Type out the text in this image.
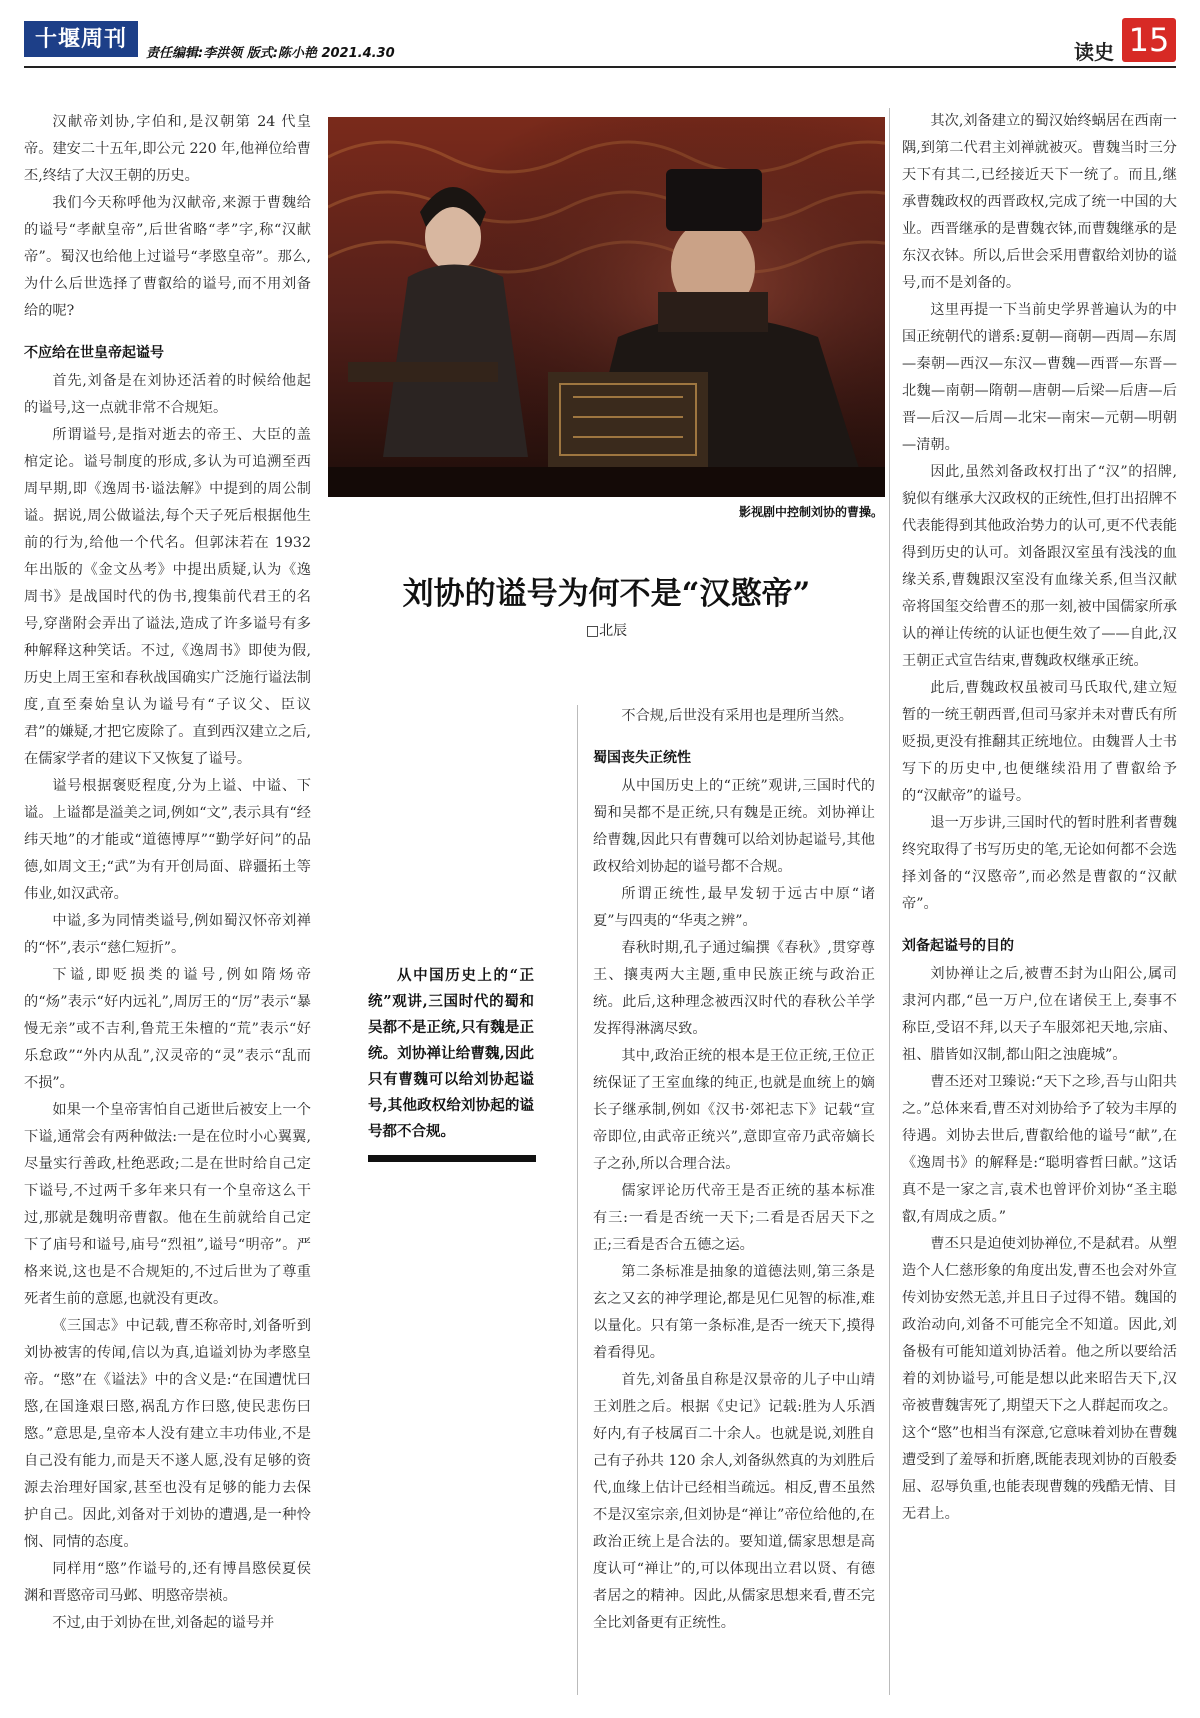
十堰周刊
责任编辑:李洪领 版式:陈小艳 2021.4.30	读史 15

汉献帝刘协,字伯和,是汉朝第 24 代皇帝。建安二十五年,即公元 220 年,他禅位给曹丕,终结了大汉王朝的历史。

我们今天称呼他为汉献帝,来源于曹魏给的谥号“孝献皇帝”,后世省略“孝”字,称“汉献帝”。蜀汉也给他上过谥号“孝愍皇帝”。那么,为什么后世选择了曹叡给的谥号,而不用刘备给的呢?

不应给在世皇帝起谥号

首先,刘备是在刘协还活着的时候给他起的谥号,这一点就非常不合规矩。

所谓谥号,是指对逝去的帝王、大臣的盖棺定论。谥号制度的形成,多认为可追溯至西周早期,即《逸周书·谥法解》中提到的周公制谥。据说,周公做谥法,每个天子死后根据他生前的行为,给他一个代名。但郭沫若在 1932 年出版的《金文丛考》中提出质疑,认为《逸周书》是战国时代的伪书,搜集前代君王的名号,穿凿附会弄出了谥法,造成了许多谥号有多种解释这种笑话。不过,《逸周书》即使为假,历史上周王室和春秋战国确实广泛施行谥法制度,直至秦始皇认为谥号有“子议父、臣议君”的嫌疑,才把它废除了。直到西汉建立之后,在儒家学者的建议下又恢复了谥号。

谥号根据褒贬程度,分为上谥、中谥、下谥。上谥都是溢美之词,例如“文”,表示具有“经纬天地”的才能或“道德博厚”“勤学好问”的品德,如周文王;“武”为有开创局面、辟疆拓土等伟业,如汉武帝。

中谥,多为同情类谥号,例如蜀汉怀帝刘禅的“怀”,表示“慈仁短折”。

下谥,即贬损类的谥号,例如隋炀帝的“炀”表示“好内远礼”,周厉王的“厉”表示“暴慢无亲”或不吉利,鲁荒王朱檀的“荒”表示“好乐怠政”“外内从乱”,汉灵帝的“灵”表示“乱而不损”。

如果一个皇帝害怕自己逝世后被安上一个下谥,通常会有两种做法:一是在位时小心翼翼,尽量实行善政,杜绝恶政;二是在世时给自己定下谥号,不过两千多年来只有一个皇帝这么干过,那就是魏明帝曹叡。他在生前就给自己定下了庙号和谥号,庙号“烈祖”,谥号“明帝”。严格来说,这也是不合规矩的,不过后世为了尊重死者生前的意愿,也就没有更改。

《三国志》中记载,曹丕称帝时,刘备听到刘协被害的传闻,信以为真,追谥刘协为孝愍皇帝。“愍”在《谥法》中的含义是:“在国遭忧曰愍,在国逢艰曰愍,祸乱方作曰愍,使民悲伤曰愍。”意思是,皇帝本人没有建立丰功伟业,不是自己没有能力,而是天不遂人愿,没有足够的资源去治理好国家,甚至也没有足够的能力去保护自己。因此,刘备对于刘协的遭遇,是一种怜悯、同情的态度。

同样用“愍”作谥号的,还有博昌愍侯夏侯渊和晋愍帝司马邺、明愍帝崇祯。

不过,由于刘协在世,刘备起的谥号并

影视剧中控制刘协的曹操。
刘协的谥号为何不是“汉愍帝”
□北辰
从中国历史上的“正统”观讲,三国时代的蜀和吴都不是正统,只有魏是正统。刘协禅让给曹魏,因此只有曹魏可以给刘协起谥号,其他政权给刘协起的谥号都不合规。

不合规,后世没有采用也是理所当然。

蜀国丧失正统性

从中国历史上的“正统”观讲,三国时代的蜀和吴都不是正统,只有魏是正统。刘协禅让给曹魏,因此只有曹魏可以给刘协起谥号,其他政权给刘协起的谥号都不合规。

所谓正统性,最早发轫于远古中原“诸夏”与四夷的“华夷之辨”。

春秋时期,孔子通过编撰《春秋》,贯穿尊王、攘夷两大主题,重申民族正统与政治正统。此后,这种理念被西汉时代的春秋公羊学发挥得淋漓尽致。

其中,政治正统的根本是王位正统,王位正统保证了王室血缘的纯正,也就是血统上的嫡长子继承制,例如《汉书·郊祀志下》记载“宣帝即位,由武帝正统兴”,意即宣帝乃武帝嫡长子之孙,所以合理合法。

儒家评论历代帝王是否正统的基本标准有三:一看是否统一天下;二看是否居天下之正;三看是否合五德之运。

第二条标准是抽象的道德法则,第三条是玄之又玄的神学理论,都是见仁见智的标准,难以量化。只有第一条标准,是否一统天下,摸得着看得见。

首先,刘备虽自称是汉景帝的儿子中山靖王刘胜之后。根据《史记》记载:胜为人乐酒好内,有子枝属百二十余人。也就是说,刘胜自己有子孙共 120 余人,刘备纵然真的为刘胜后代,血缘上估计已经相当疏远。相反,曹丕虽然不是汉室宗亲,但刘协是“禅让”帝位给他的,在政治正统上是合法的。要知道,儒家思想是高度认可“禅让”的,可以体现出立君以贤、有德者居之的精神。因此,从儒家思想来看,曹丕完全比刘备更有正统性。

其次,刘备建立的蜀汉始终蜗居在西南一隅,到第二代君主刘禅就被灭。曹魏当时三分天下有其二,已经接近天下一统了。而且,继承曹魏政权的西晋政权,完成了统一中国的大业。西晋继承的是曹魏衣钵,而曹魏继承的是东汉衣钵。所以,后世会采用曹叡给刘协的谥号,而不是刘备的。

这里再提一下当前史学界普遍认为的中国正统朝代的谱系:夏朝—商朝—西周—东周—秦朝—西汉—东汉—曹魏—西晋—东晋—北魏—南朝—隋朝—唐朝—后梁—后唐—后晋—后汉—后周—北宋—南宋—元朝—明朝—清朝。

因此,虽然刘备政权打出了“汉”的招牌,貌似有继承大汉政权的正统性,但打出招牌不代表能得到其他政治势力的认可,更不代表能得到历史的认可。刘备跟汉室虽有浅浅的血缘关系,曹魏跟汉室没有血缘关系,但当汉献帝将国玺交给曹丕的那一刻,被中国儒家所承认的禅让传统的认证也便生效了——自此,汉王朝正式宣告结束,曹魏政权继承正统。

此后,曹魏政权虽被司马氏取代,建立短暂的一统王朝西晋,但司马家并未对曹氏有所贬损,更没有推翻其正统地位。由魏晋人士书写下的历史中,也便继续沿用了曹叡给予的“汉献帝”的谥号。

退一万步讲,三国时代的暂时胜利者曹魏终究取得了书写历史的笔,无论如何都不会选择刘备的“汉愍帝”,而必然是曹叡的“汉献帝”。

刘备起谥号的目的

刘协禅让之后,被曹丕封为山阳公,属司隶河内郡,“邑一万户,位在诸侯王上,奏事不称臣,受诏不拜,以天子车服郊祀天地,宗庙、祖、腊皆如汉制,都山阳之浊鹿城”。

曹丕还对卫臻说:“天下之珍,吾与山阳共之。”总体来看,曹丕对刘协给予了较为丰厚的待遇。刘协去世后,曹叡给他的谥号“献”,在《逸周书》的解释是:“聪明睿哲曰献。”这话真不是一家之言,袁术也曾评价刘协“圣主聪叡,有周成之质。”

曹丕只是迫使刘协禅位,不是弑君。从塑造个人仁慈形象的角度出发,曹丕也会对外宣传刘协安然无恙,并且日子过得不错。魏国的政治动向,刘备不可能完全不知道。因此,刘备极有可能知道刘协活着。他之所以要给活着的刘协谥号,可能是想以此来昭告天下,汉帝被曹魏害死了,期望天下之人群起而攻之。这个“愍”也相当有深意,它意味着刘协在曹魏遭受到了羞辱和折磨,既能表现刘协的百般委屈、忍辱负重,也能表现曹魏的残酷无情、目无君上。
